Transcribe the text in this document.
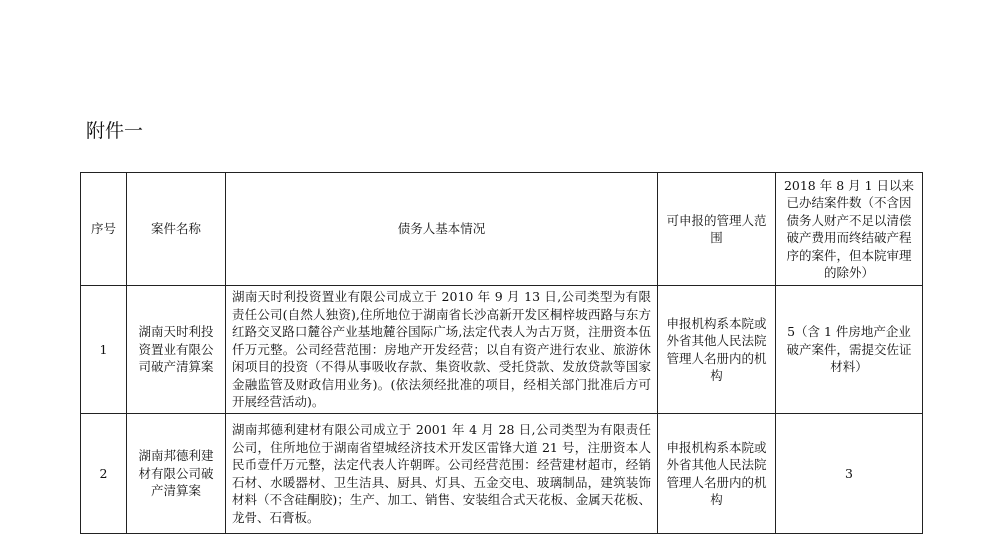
附件一
序号	案件名称	债务人基本情况	可申报的管理人范围	2018 年 8 月 1 日以来已办结案件数（不含因债务人财产不足以清偿破产费用而终结破产程序的案件，但本院审理的除外）
1	湖南天时利投资置业有限公司破产清算案	湖南天时利投资置业有限公司成立于 2010 年 9 月 13 日,公司类型为有限责任公司(自然人独资),住所地位于湖南省长沙高新开发区桐梓坡西路与东方红路交叉路口麓谷产业基地麓谷国际广场,法定代表人为古万贤，注册资本伍仟万元整。公司经营范围：房地产开发经营；以自有资产进行农业、旅游休闲项目的投资（不得从事吸收存款、集资收款、受托贷款、发放贷款等国家金融监管及财政信用业务)。(依法须经批准的项目，经相关部门批准后方可开展经营活动)。	申报机构系本院或外省其他人民法院管理人名册内的机构	5（含 1 件房地产企业破产案件，需提交佐证材料）
2	湖南邦德利建材有限公司破产清算案	湖南邦德利建材有限公司成立于 2001 年 4 月 28 日,公司类型为有限责任公司，住所地位于湖南省望城经济技术开发区雷锋大道 21 号，注册资本人民币壹仟万元整，法定代表人许朝晖。公司经营范围：经营建材超市，经销石材、水暖器材、卫生洁具、厨具、灯具、五金交电、玻璃制品，建筑装饰材料（不含硅酮胶)；生产、加工、销售、安装组合式天花板、金属天花板、龙骨、石膏板。	申报机构系本院或外省其他人民法院管理人名册内的机构	3
